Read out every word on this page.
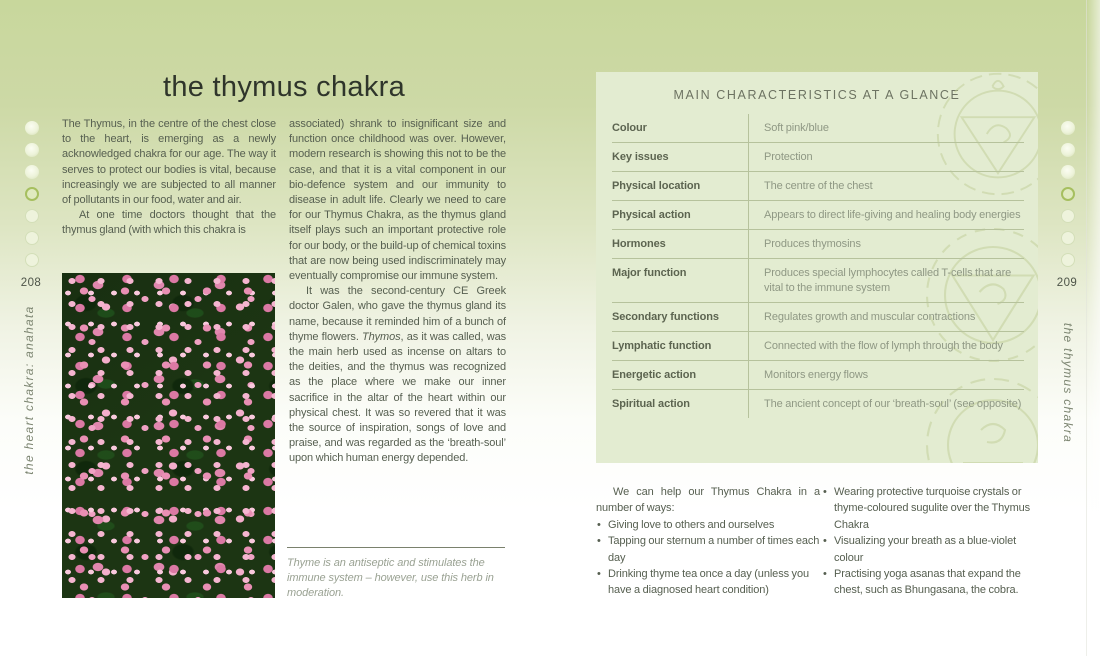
208
the heart chakra: anahata
209
the thymus chakra
the thymus chakra

The Thymus, in the centre of the chest close to the heart, is emerging as a newly acknowledged chakra for our age. The way it serves to protect our bodies is vital, because increasingly we are subjected to all manner of pollutants in our food, water and air.

At one time doctors thought that the thymus gland (with which this chakra is

associated) shrank to insignificant size and function once childhood was over. However, modern research is showing this not to be the case, and that it is a vital component in our bio-defence system and our immunity to disease in adult life. Clearly we need to care for our Thymus Chakra, as the thymus gland itself plays such an important protective role for our body, or the build-up of chemical toxins that are now being used indiscriminately may eventually compromise our immune system.

It was the second-century CE Greek doctor Galen, who gave the thymus gland its name, because it reminded him of a bunch of thyme flowers. Thymos, as it was called, was the main herb used as incense on altars to the deities, and the thymus was recognized as the place where we make our inner sacrifice in the altar of the heart within our physical chest. It was so revered that it was the source of inspiration, songs of love and praise, and was regarded as the ‘breath-soul’ upon which human energy depended.

Thyme is an antiseptic and stimulates the immune system – however, use this herb in moderation.

MAIN CHARACTERISTICS AT A GLANCE
Colour	Soft pink/blue
Key issues	Protection
Physical location	The centre of the chest
Physical action	Appears to direct life-giving and healing body energies
Hormones	Produces thymosins
Major function	Produces special lymphocytes called T-cells that are vital to the immune system
Secondary functions	Regulates growth and muscular contractions
Lymphatic function	Connected with the flow of lymph through the body
Energetic action	Monitors energy flows
Spiritual action	The ancient concept of our ‘breath-soul’ (see opposite)

We can help our Thymus Chakra in a number of ways:

• Giving love to others and ourselves
• Tapping our sternum a number of times each day
• Drinking thyme tea once a day (unless you have a diagnosed heart condition)
• Wearing protective turquoise crystals or thyme-coloured sugulite over the Thymus Chakra
• Visualizing your breath as a blue-violet colour
• Practising yoga asanas that expand the chest, such as Bhungasana, the cobra.
